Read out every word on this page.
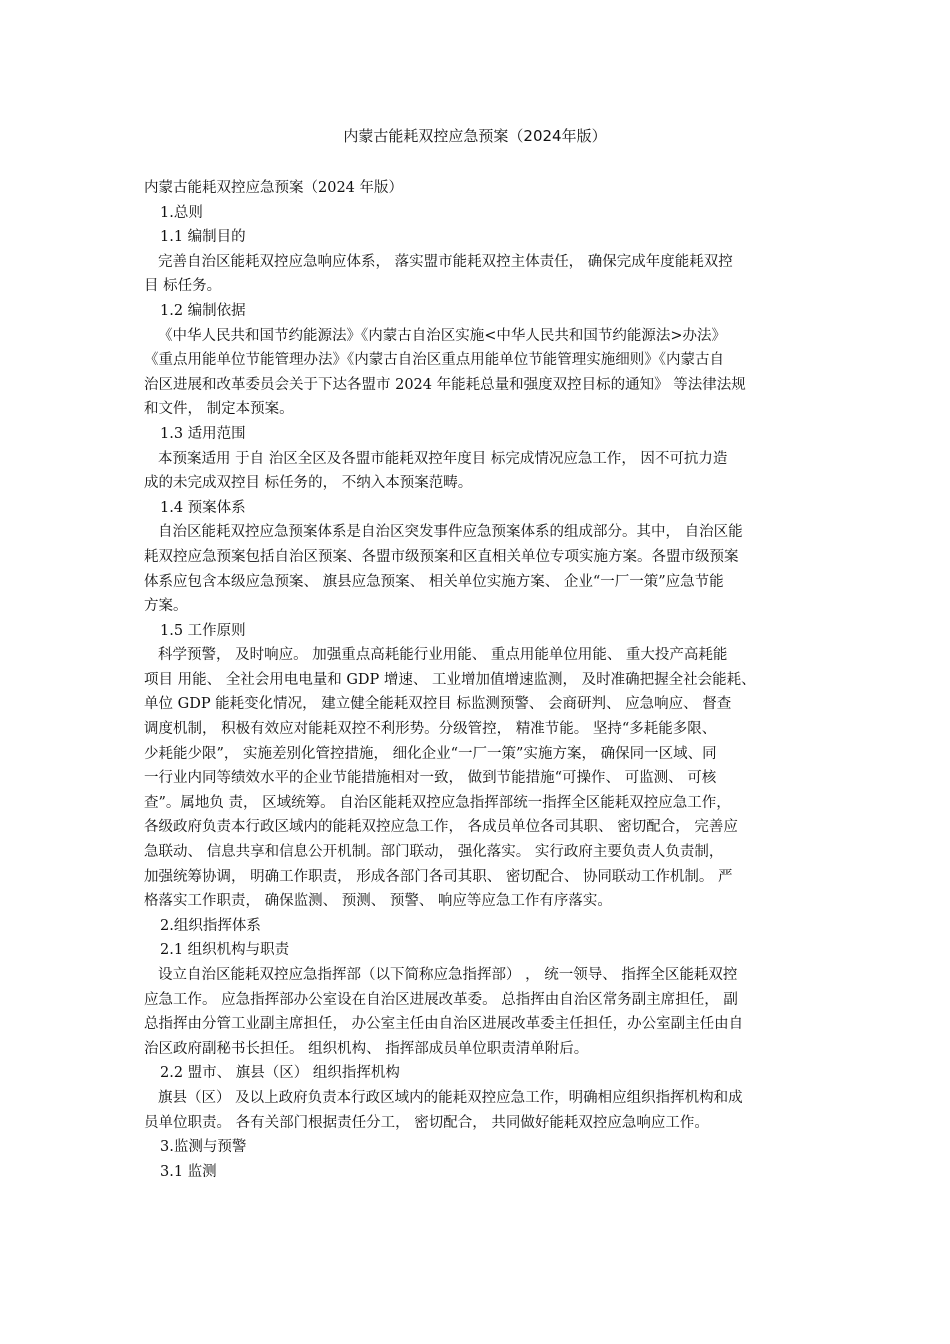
内蒙古能耗双控应急预案（2024年版）

内蒙古能耗双控应急预案（2024 年版）

1.总则

1.1 编制目的

完善自治区能耗双控应急响应体系， 落实盟市能耗双控主体责任， 确保完成年度能耗双控

目 标任务。

1.2 编制依据

《中华人民共和国节约能源法》《内蒙古自治区实施<中华人民共和国节约能源法>办法》

《重点用能单位节能管理办法》《内蒙古自治区重点用能单位节能管理实施细则》《内蒙古自

治区进展和改革委员会关于下达各盟市 2024 年能耗总量和强度双控目标的通知》 等法律法规

和文件， 制定本预案。

1.3 适用范围

本预案适用 于自 治区全区及各盟市能耗双控年度目 标完成情况应急工作， 因不可抗力造

成的未完成双控目 标任务的， 不纳入本预案范畴。

1.4 预案体系

自治区能耗双控应急预案体系是自治区突发事件应急预案体系的组成部分。其中， 自治区能

耗双控应急预案包括自治区预案、各盟市级预案和区直相关单位专项实施方案。各盟市级预案

体系应包含本级应急预案、 旗县应急预案、 相关单位实施方案、 企业“一厂一策”应急节能

方案。

1.5 工作原则

科学预警， 及时响应。 加强重点高耗能行业用能、 重点用能单位用能、 重大投产高耗能

项目 用能、 全社会用电电量和 GDP 增速、 工业增加值增速监测， 及时准确把握全社会能耗、

单位 GDP 能耗变化情况， 建立健全能耗双控目 标监测预警、 会商研判、 应急响应、 督查

调度机制， 积极有效应对能耗双控不利形势。分级管控， 精准节能。 坚持“多耗能多限、

少耗能少限”， 实施差别化管控措施， 细化企业“一厂一策”实施方案， 确保同一区域、同

一行业内同等绩效水平的企业节能措施相对一致， 做到节能措施“可操作、 可监测、 可核

查”。属地负 责， 区域统筹。 自治区能耗双控应急指挥部统一指挥全区能耗双控应急工作，

各级政府负责本行政区域内的能耗双控应急工作， 各成员单位各司其职、 密切配合， 完善应

急联动、 信息共享和信息公开机制。部门联动， 强化落实。 实行政府主要负责人负责制，

加强统筹协调， 明确工作职责， 形成各部门各司其职、 密切配合、 协同联动工作机制。 严

格落实工作职责， 确保监测、 预测、 预警、 响应等应急工作有序落实。

2.组织指挥体系

2.1 组织机构与职责

设立自治区能耗双控应急指挥部（以下简称应急指挥部） ， 统一领导、 指挥全区能耗双控

应急工作。 应急指挥部办公室设在自治区进展改革委。 总指挥由自治区常务副主席担任， 副

总指挥由分管工业副主席担任， 办公室主任由自治区进展改革委主任担任，办公室副主任由自

治区政府副秘书长担任。 组织机构、 指挥部成员单位职责清单附后。

2.2 盟市、 旗县（区） 组织指挥机构

旗县（区） 及以上政府负责本行政区域内的能耗双控应急工作，明确相应组织指挥机构和成

员单位职责。 各有关部门根据责任分工， 密切配合， 共同做好能耗双控应急响应工作。

3.监测与预警

3.1 监测
